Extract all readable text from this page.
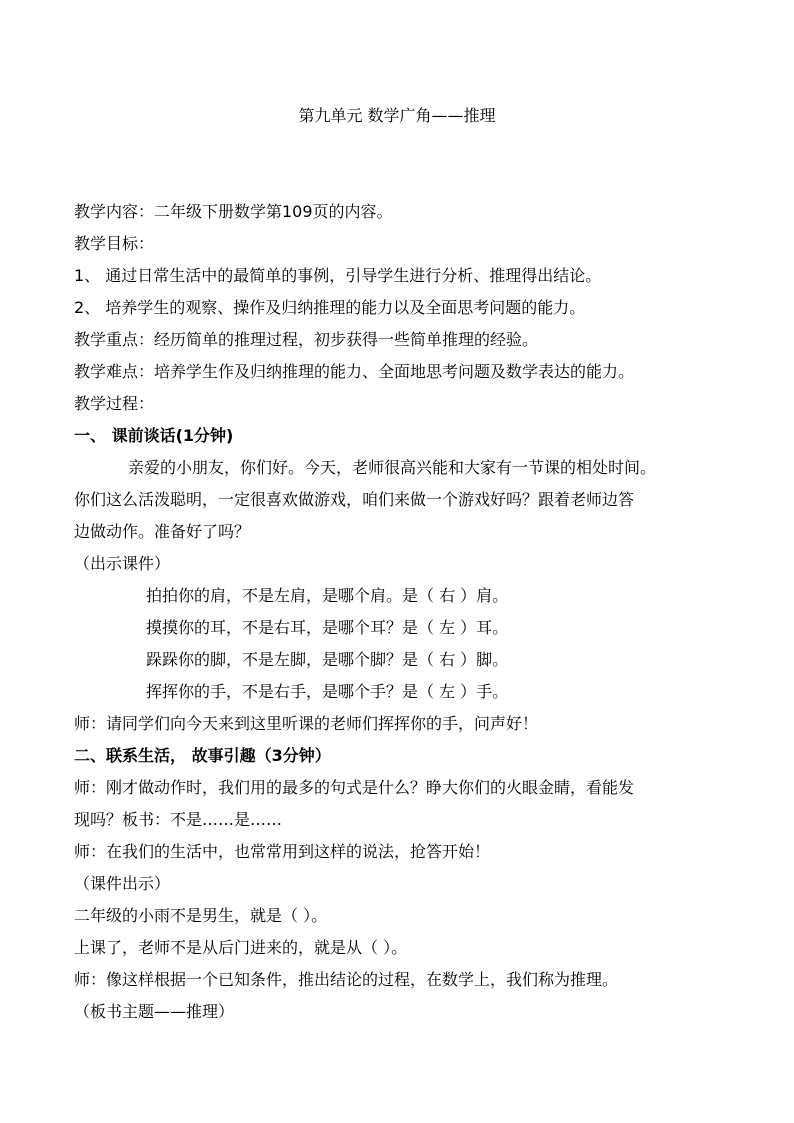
第九单元 数学广角——推理
教学内容：二年级下册数学第109页的内容。
教学目标：
1、 通过日常生活中的最简单的事例，引导学生进行分析、推理得出结论。
2、 培养学生的观察、操作及归纳推理的能力以及全面思考问题的能力。
教学重点：经历简单的推理过程，初步获得一些简单推理的经验。
教学难点：培养学生作及归纳推理的能力、全面地思考问题及数学表达的能力。
教学过程：
一、 课前谈话(1分钟)
亲爱的小朋友，你们好。今天，老师很高兴能和大家有一节课的相处时间。
你们这么活泼聪明，一定很喜欢做游戏，咱们来做一个游戏好吗？跟着老师边答
边做动作。准备好了吗？
（出示课件）
拍拍你的肩，不是左肩，是哪个肩。是（ 右 ）肩。
摸摸你的耳，不是右耳，是哪个耳？是（ 左 ）耳。
跺跺你的脚，不是左脚，是哪个脚？是（ 右 ）脚。
挥挥你的手，不是右手，是哪个手？是（ 左 ）手。
师：请同学们向今天来到这里听课的老师们挥挥你的手，问声好！
二、联系生活， 故事引趣（3分钟）
师：刚才做动作时，我们用的最多的句式是什么？睁大你们的火眼金睛，看能发
现吗？板书：不是……是……
师：在我们的生活中，也常常用到这样的说法，抢答开始！
（课件出示）
二年级的小雨不是男生，就是（ ）。
上课了，老师不是从后门进来的，就是从（ ）。
师：像这样根据一个已知条件，推出结论的过程，在数学上，我们称为推理。
（板书主题——推理）
